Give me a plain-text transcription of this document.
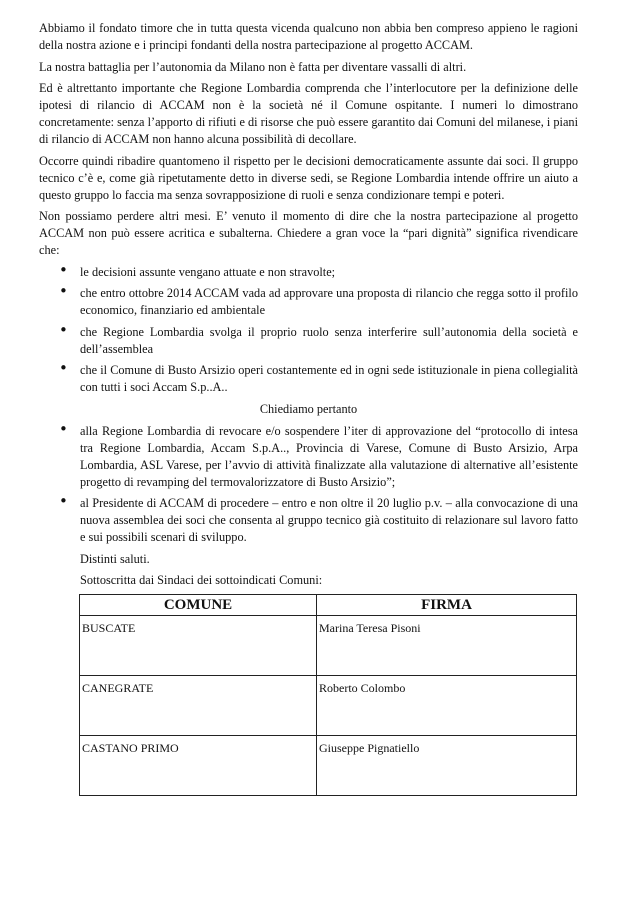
Abbiamo il fondato timore che in tutta questa vicenda qualcuno non abbia ben compreso appieno le ragioni della nostra azione e i principi fondanti della nostra partecipazione al progetto ACCAM.

La nostra battaglia per l’autonomia da Milano non è fatta per diventare vassalli di altri.

Ed è altrettanto importante che Regione Lombardia comprenda che l’interlocutore per la definizione delle ipotesi di rilancio di ACCAM non è la società né il Comune ospitante. I numeri lo dimostrano concretamente: senza l’apporto di rifiuti e di risorse che può essere garantito dai Comuni del milanese, i piani di rilancio di ACCAM non hanno alcuna possibilità di decollare.

Occorre quindi ribadire quantomeno il rispetto per le decisioni democraticamente assunte dai soci. Il gruppo tecnico c’è e, come già ripetutamente detto in diverse sedi, se Regione Lombardia intende offrire un aiuto a questo gruppo lo faccia ma senza sovrapposizione di ruoli e senza condizionare tempi e poteri.

Non possiamo perdere altri mesi. E’ venuto il momento di dire che la nostra partecipazione al progetto ACCAM non può essere acritica e subalterna. Chiedere a gran voce la “pari dignità” significa rivendicare che:

• le decisioni assunte vengano attuate e non stravolte;
• che entro ottobre 2014 ACCAM vada ad approvare una proposta di rilancio che regga sotto il profilo economico, finanziario ed ambientale
• che Regione Lombardia svolga il proprio ruolo senza interferire sull’autonomia della società e dell’assemblea
• che il Comune di Busto Arsizio operi costantemente ed in ogni sede istituzionale in piena collegialità con tutti i soci Accam S.p..A..

Chiediamo pertanto

• alla Regione Lombardia di revocare e/o sospendere l’iter di approvazione del “protocollo di intesa tra Regione Lombardia, Accam S.p.A.., Provincia di Varese, Comune di Busto Arsizio, Arpa Lombardia, ASL Varese, per l’avvio di attività finalizzate alla valutazione di alternative all’esistente progetto di revamping del termovalorizzatore di Busto Arsizio”;
• al Presidente di ACCAM di procedere – entro e non oltre il 20 luglio p.v. – alla convocazione di una nuova assemblea dei soci che consenta al gruppo tecnico già costituito di relazionare sul lavoro fatto e sui possibili scenari di sviluppo.

Distinti saluti.

Sottoscritta dai Sindaci dei sottoindicati Comuni:

COMUNE	FIRMA
BUSCATE	Marina Teresa Pisoni
CANEGRATE	Roberto Colombo
CASTANO PRIMO	Giuseppe Pignatiello
